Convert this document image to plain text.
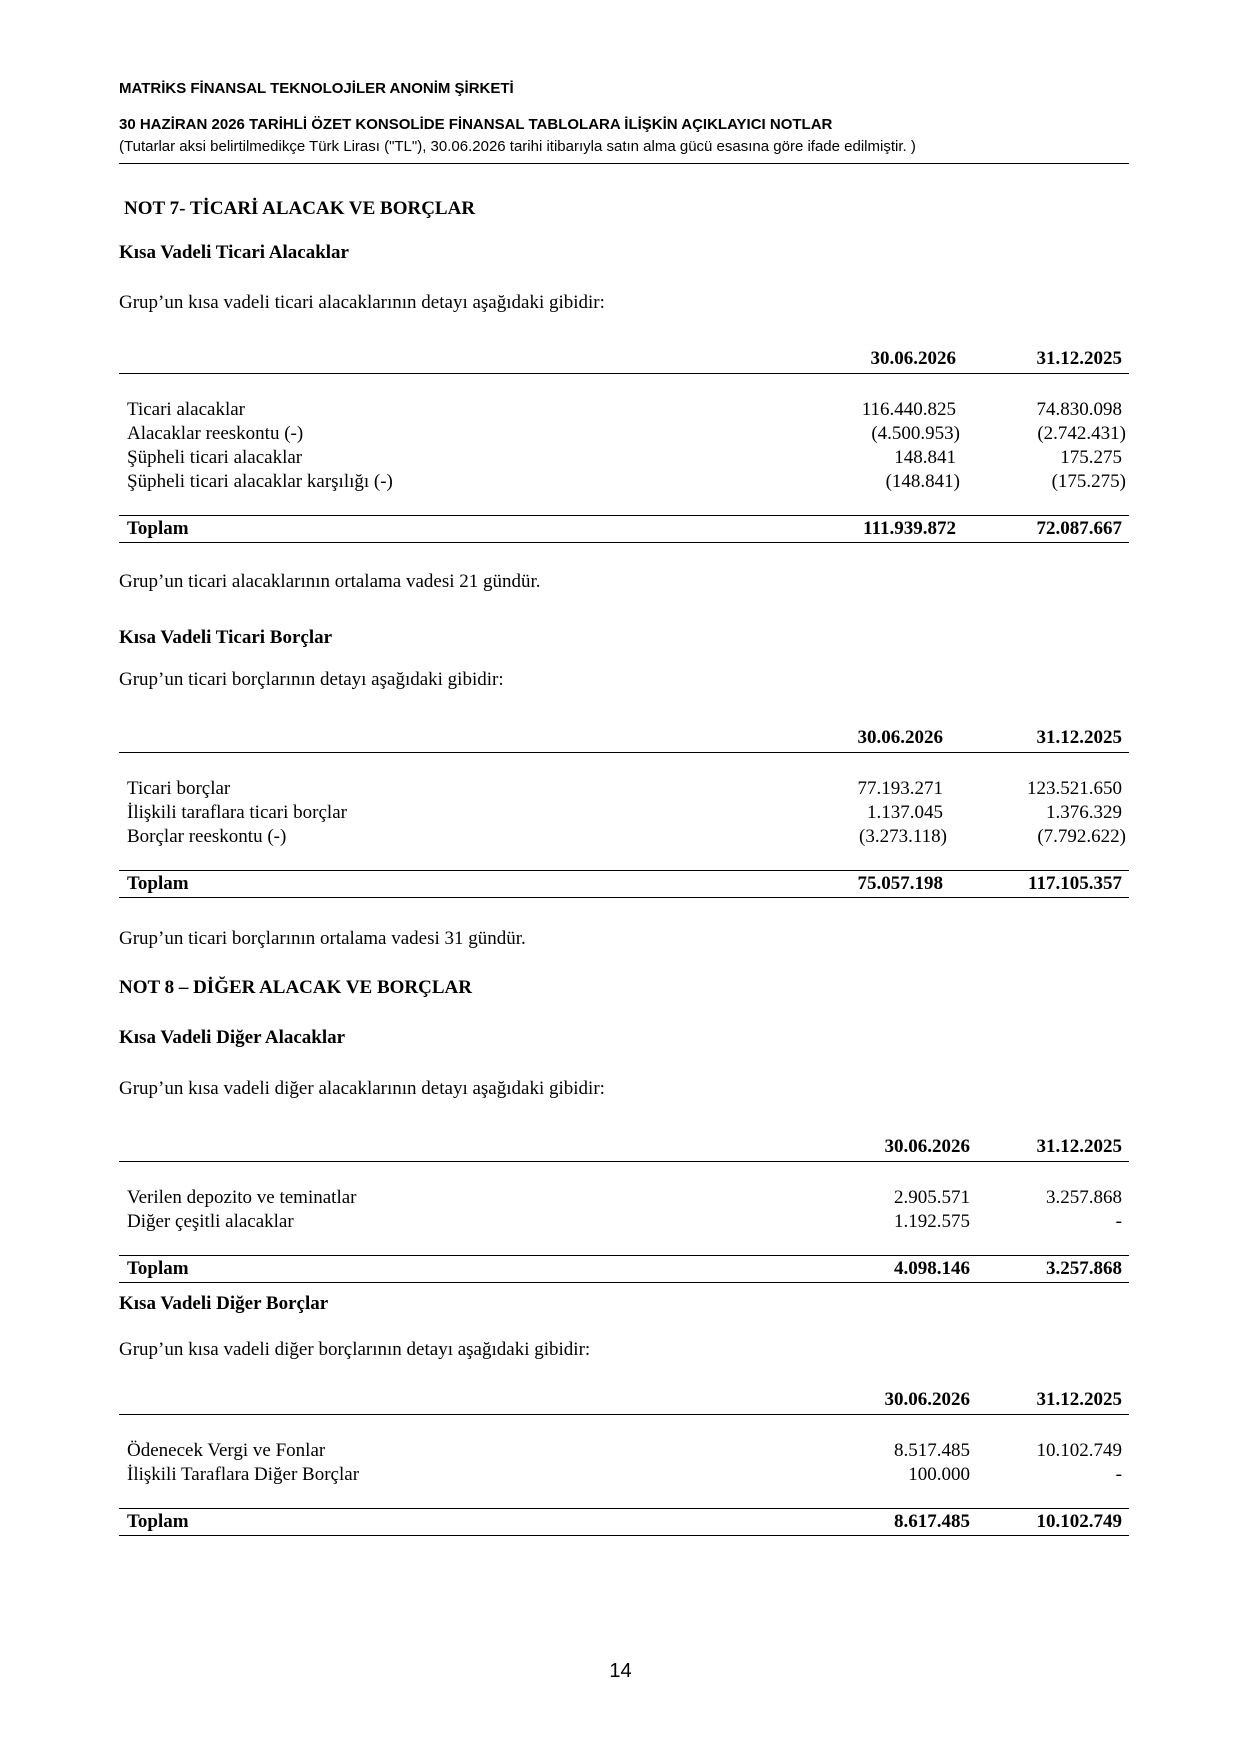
MATRİKS FİNANSAL TEKNOLOJİLER ANONİM ŞİRKETİ
30 HAZİRAN 2026 TARİHLİ ÖZET KONSOLİDE FİNANSAL TABLOLARA İLİŞKİN AÇIKLAYICI NOTLAR
(Tutarlar aksi belirtilmedikçe Türk Lirası ("TL"), 30.06.2026 tarihi itibarıyla satın alma gücü esasına göre ifade edilmiştir. )
NOT 7- TİCARİ ALACAK VE BORÇLAR
Kısa Vadeli Ticari Alacaklar
Grup’un kısa vadeli ticari alacaklarının detayı aşağıdaki gibidir:
30.06.2026	31.12.2025
Ticari alacaklar	116.440.825	74.830.098
Alacaklar reeskontu (-)	(4.500.953)	(2.742.431)
Şüpheli ticari alacaklar	148.841	175.275
Şüpheli ticari alacaklar karşılığı (-)	(148.841)	(175.275)
Toplam	111.939.872	72.087.667
Grup’un ticari alacaklarının ortalama vadesi 21 gündür.
Kısa Vadeli Ticari Borçlar
Grup’un ticari borçlarının detayı aşağıdaki gibidir:
30.06.2026	31.12.2025
Ticari borçlar	77.193.271	123.521.650
İlişkili taraflara ticari borçlar	1.137.045	1.376.329
Borçlar reeskontu (-)	(3.273.118)	(7.792.622)
Toplam	75.057.198	117.105.357
Grup’un ticari borçlarının ortalama vadesi 31 gündür.
NOT 8 – DİĞER ALACAK VE BORÇLAR
Kısa Vadeli Diğer Alacaklar
Grup’un kısa vadeli diğer alacaklarının detayı aşağıdaki gibidir:
30.06.2026	31.12.2025
Verilen depozito ve teminatlar	2.905.571	3.257.868
Diğer çeşitli alacaklar	1.192.575	-
Toplam	4.098.146	3.257.868
Kısa Vadeli Diğer Borçlar
Grup’un kısa vadeli diğer borçlarının detayı aşağıdaki gibidir:
30.06.2026	31.12.2025
Ödenecek Vergi ve Fonlar	8.517.485	10.102.749
İlişkili Taraflara Diğer Borçlar	100.000	-
Toplam	8.617.485	10.102.749
14
